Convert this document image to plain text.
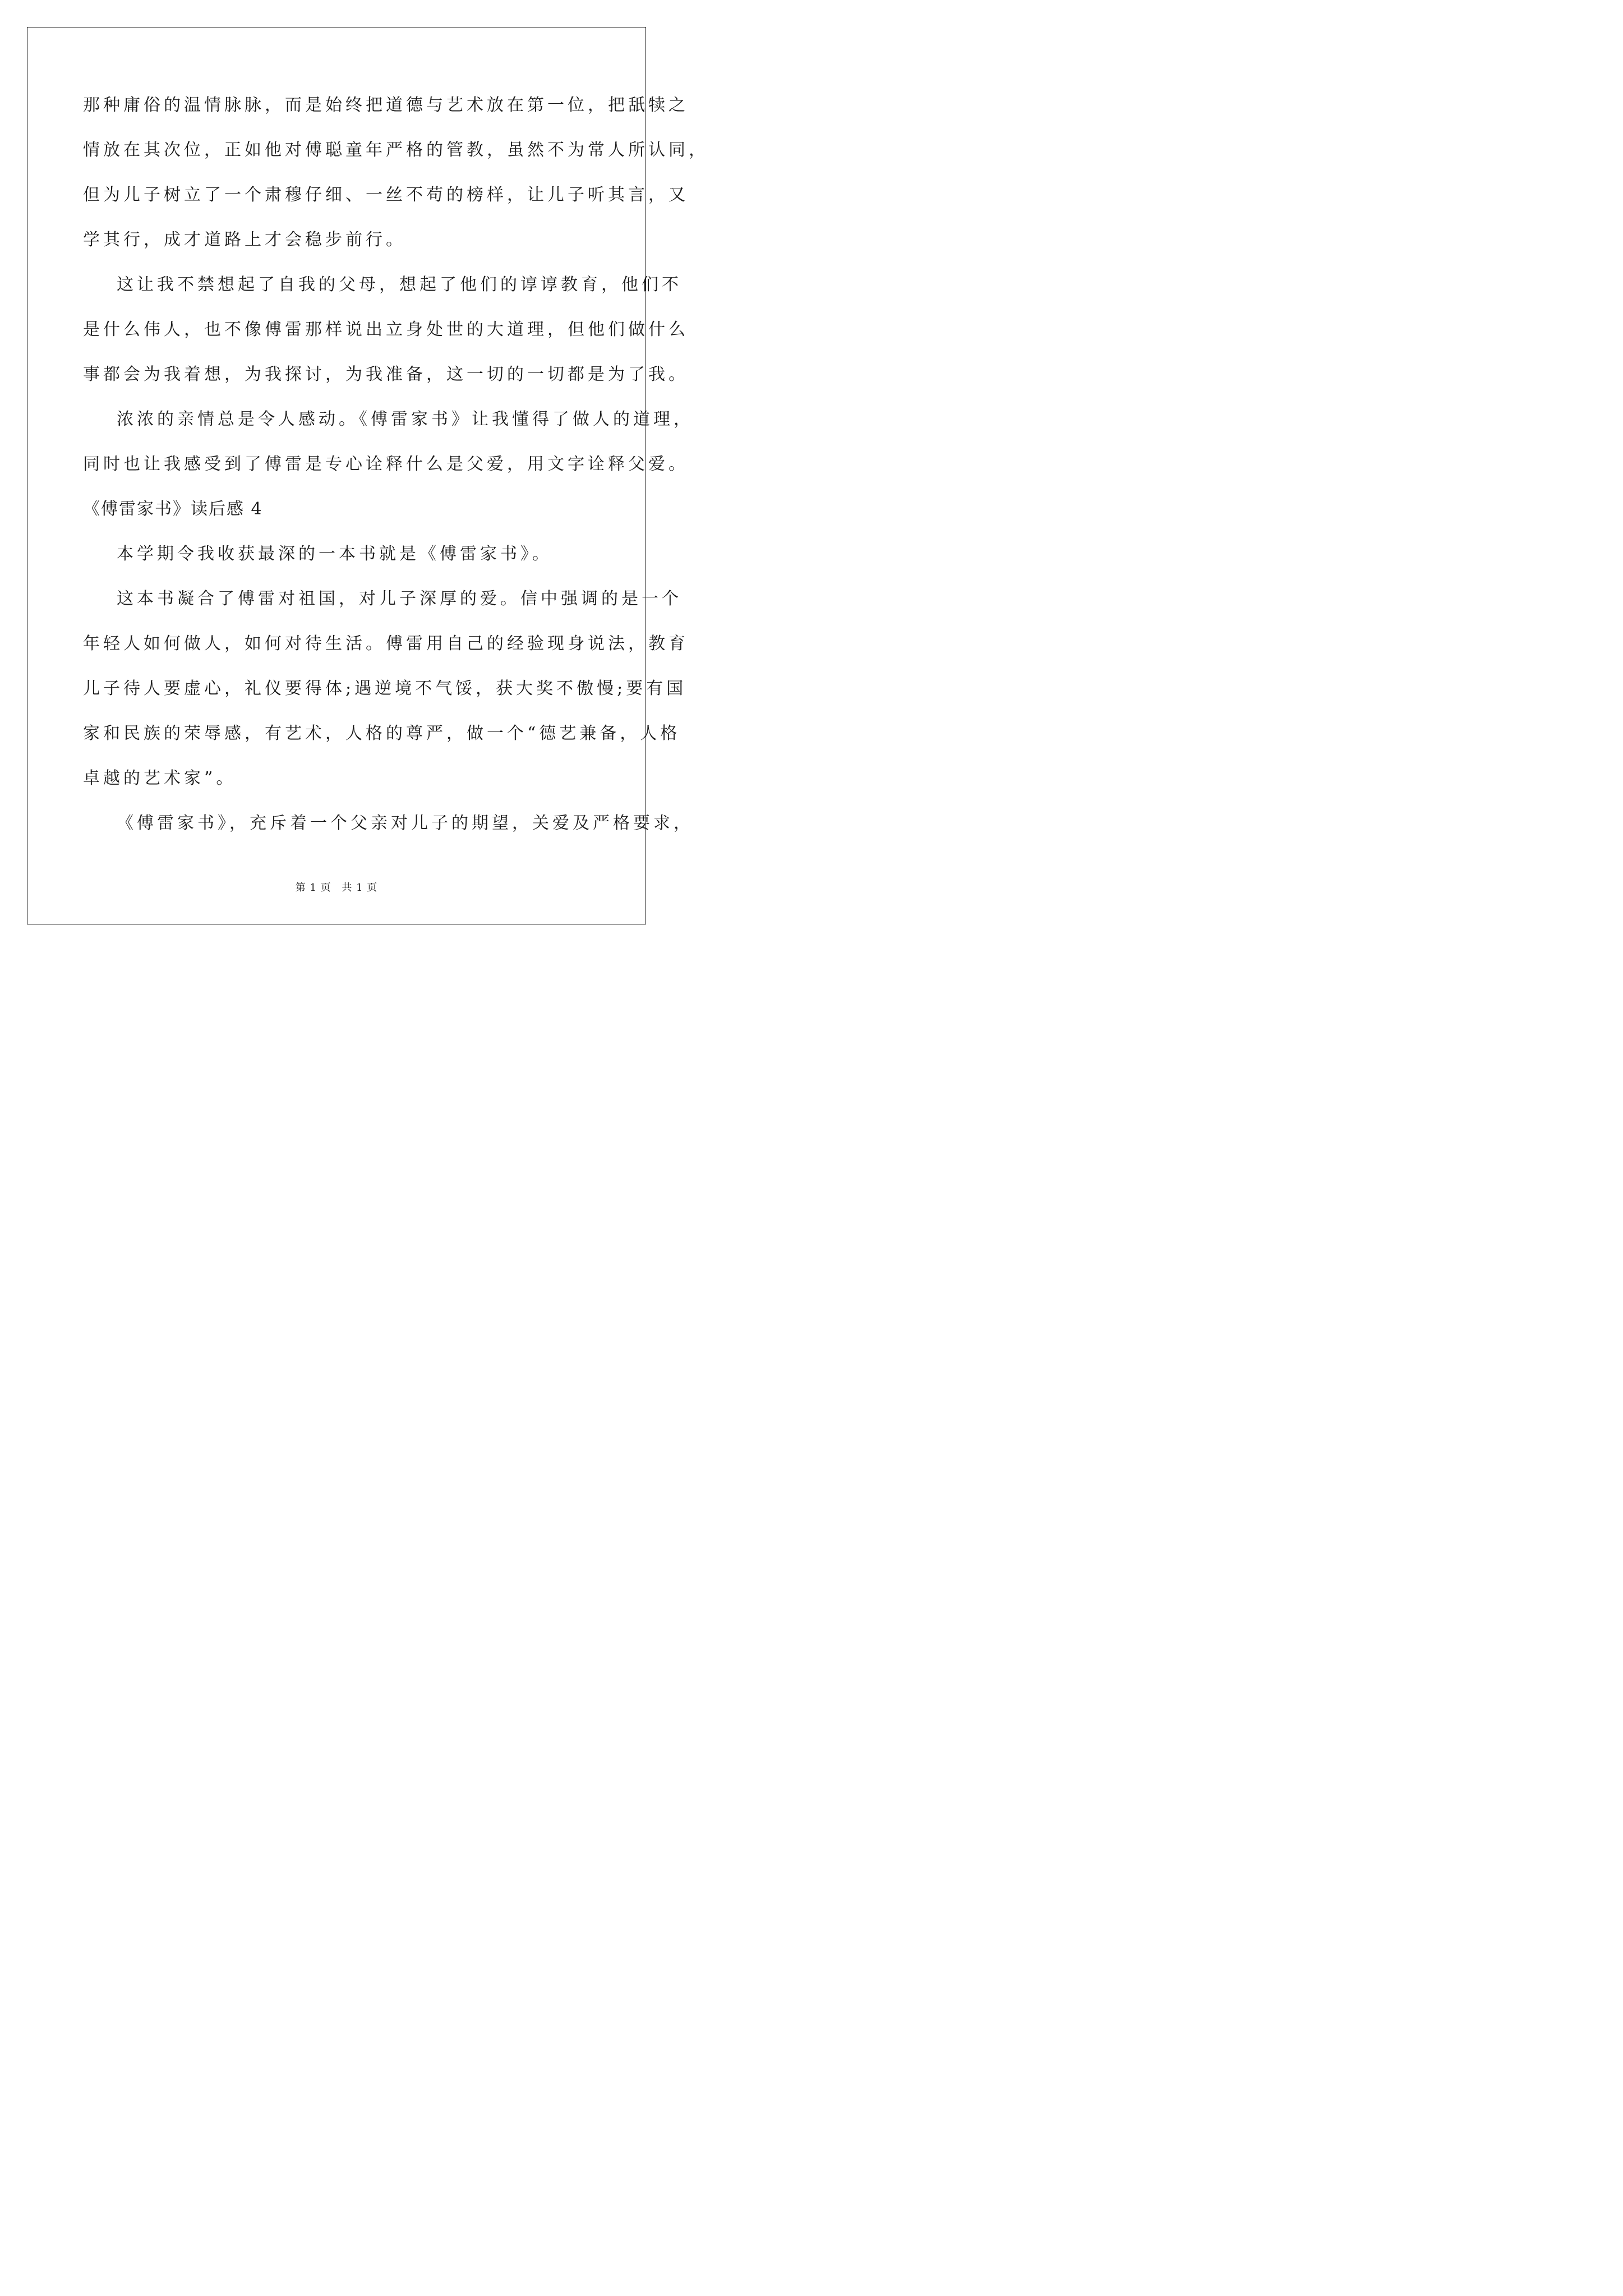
那种庸俗的温情脉脉，而是始终把道德与艺术放在第一位，把舐犊之
情放在其次位，正如他对傅聪童年严格的管教，虽然不为常人所认同，
但为儿子树立了一个肃穆仔细、一丝不苟的榜样，让儿子听其言，又
学其行，成才道路上才会稳步前行。
这让我不禁想起了自我的父母，想起了他们的谆谆教育，他们不
是什么伟人，也不像傅雷那样说出立身处世的大道理，但他们做什么
事都会为我着想，为我探讨，为我准备，这一切的一切都是为了我。
浓浓的亲情总是令人感动。《傅雷家书》让我懂得了做人的道理，
同时也让我感受到了傅雷是专心诠释什么是父爱，用文字诠释父爱。
《傅雷家书》读后感 4
本学期令我收获最深的一本书就是《傅雷家书》。
这本书凝合了傅雷对祖国，对儿子深厚的爱。信中强调的是一个
年轻人如何做人，如何对待生活。傅雷用自己的经验现身说法，教育
儿子待人要虚心，礼仪要得体;遇逆境不气馁，获大奖不傲慢;要有国
家和民族的荣辱感，有艺术，人格的尊严，做一个“德艺兼备，人格
卓越的艺术家”。
《傅雷家书》，充斥着一个父亲对儿子的期望，关爱及严格要求，
第 1 页 共 1 页
